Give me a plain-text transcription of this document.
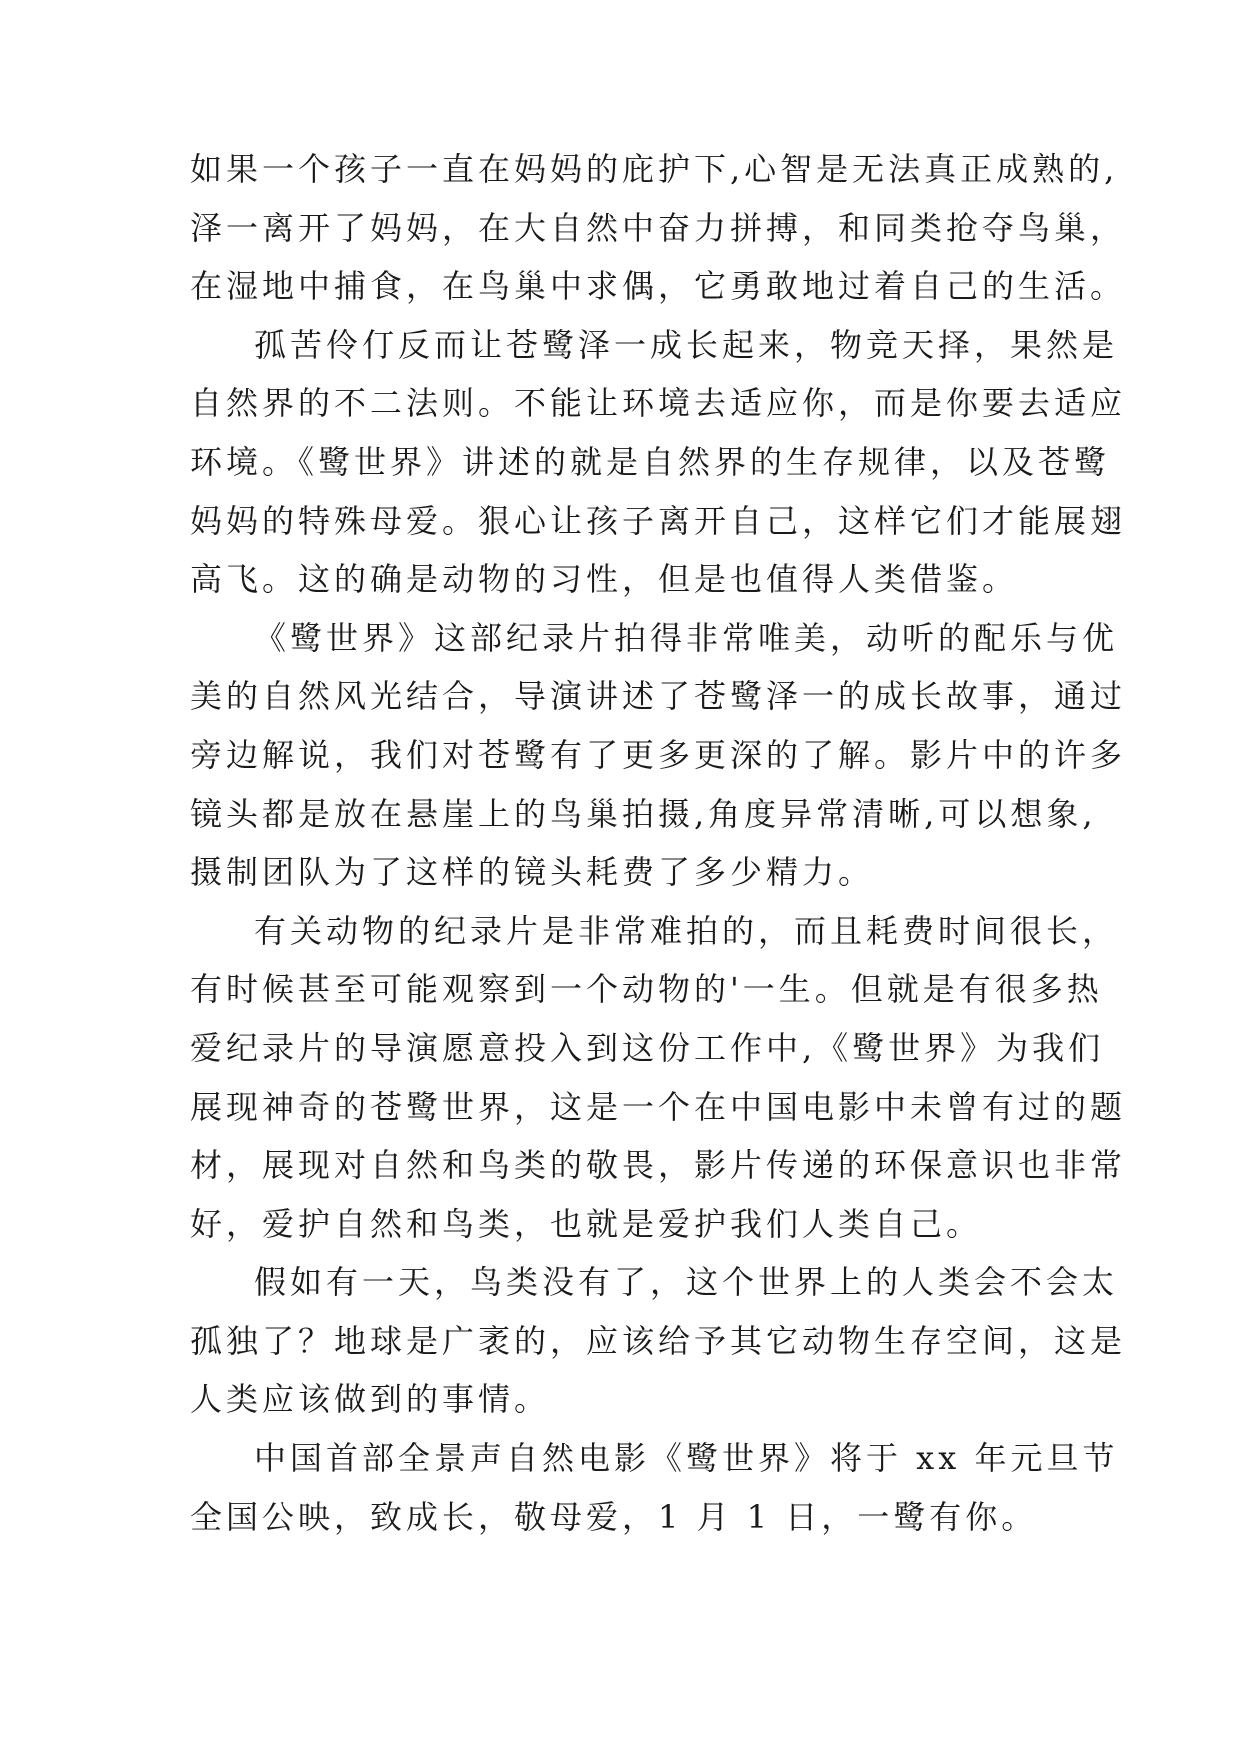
如果一个孩子一直在妈妈的庇护下,心智是无法真正成熟的,
泽一离开了妈妈，在大自然中奋力拼搏，和同类抢夺鸟巢，
在湿地中捕食，在鸟巢中求偶，它勇敢地过着自己的生活。
孤苦伶仃反而让苍鹭泽一成长起来，物竞天择，果然是
自然界的不二法则。不能让环境去适应你，而是你要去适应
环境。《鹭世界》讲述的就是自然界的生存规律，以及苍鹭
妈妈的特殊母爱。狠心让孩子离开自己，这样它们才能展翅
高飞。这的确是动物的习性，但是也值得人类借鉴。
《鹭世界》这部纪录片拍得非常唯美，动听的配乐与优
美的自然风光结合，导演讲述了苍鹭泽一的成长故事，通过
旁边解说，我们对苍鹭有了更多更深的了解。影片中的许多
镜头都是放在悬崖上的鸟巢拍摄,角度异常清晰,可以想象,
摄制团队为了这样的镜头耗费了多少精力。
有关动物的纪录片是非常难拍的，而且耗费时间很长，
有时候甚至可能观察到一个动物的'一生。但就是有很多热
爱纪录片的导演愿意投入到这份工作中,《鹭世界》为我们
展现神奇的苍鹭世界，这是一个在中国电影中未曾有过的题
材，展现对自然和鸟类的敬畏，影片传递的环保意识也非常
好，爱护自然和鸟类，也就是爱护我们人类自己。
假如有一天，鸟类没有了，这个世界上的人类会不会太
孤独了？地球是广袤的，应该给予其它动物生存空间，这是
人类应该做到的事情。
中国首部全景声自然电影《鹭世界》将于 xx 年元旦节
全国公映，致成长，敬母爱，1 月 1 日，一鹭有你。
